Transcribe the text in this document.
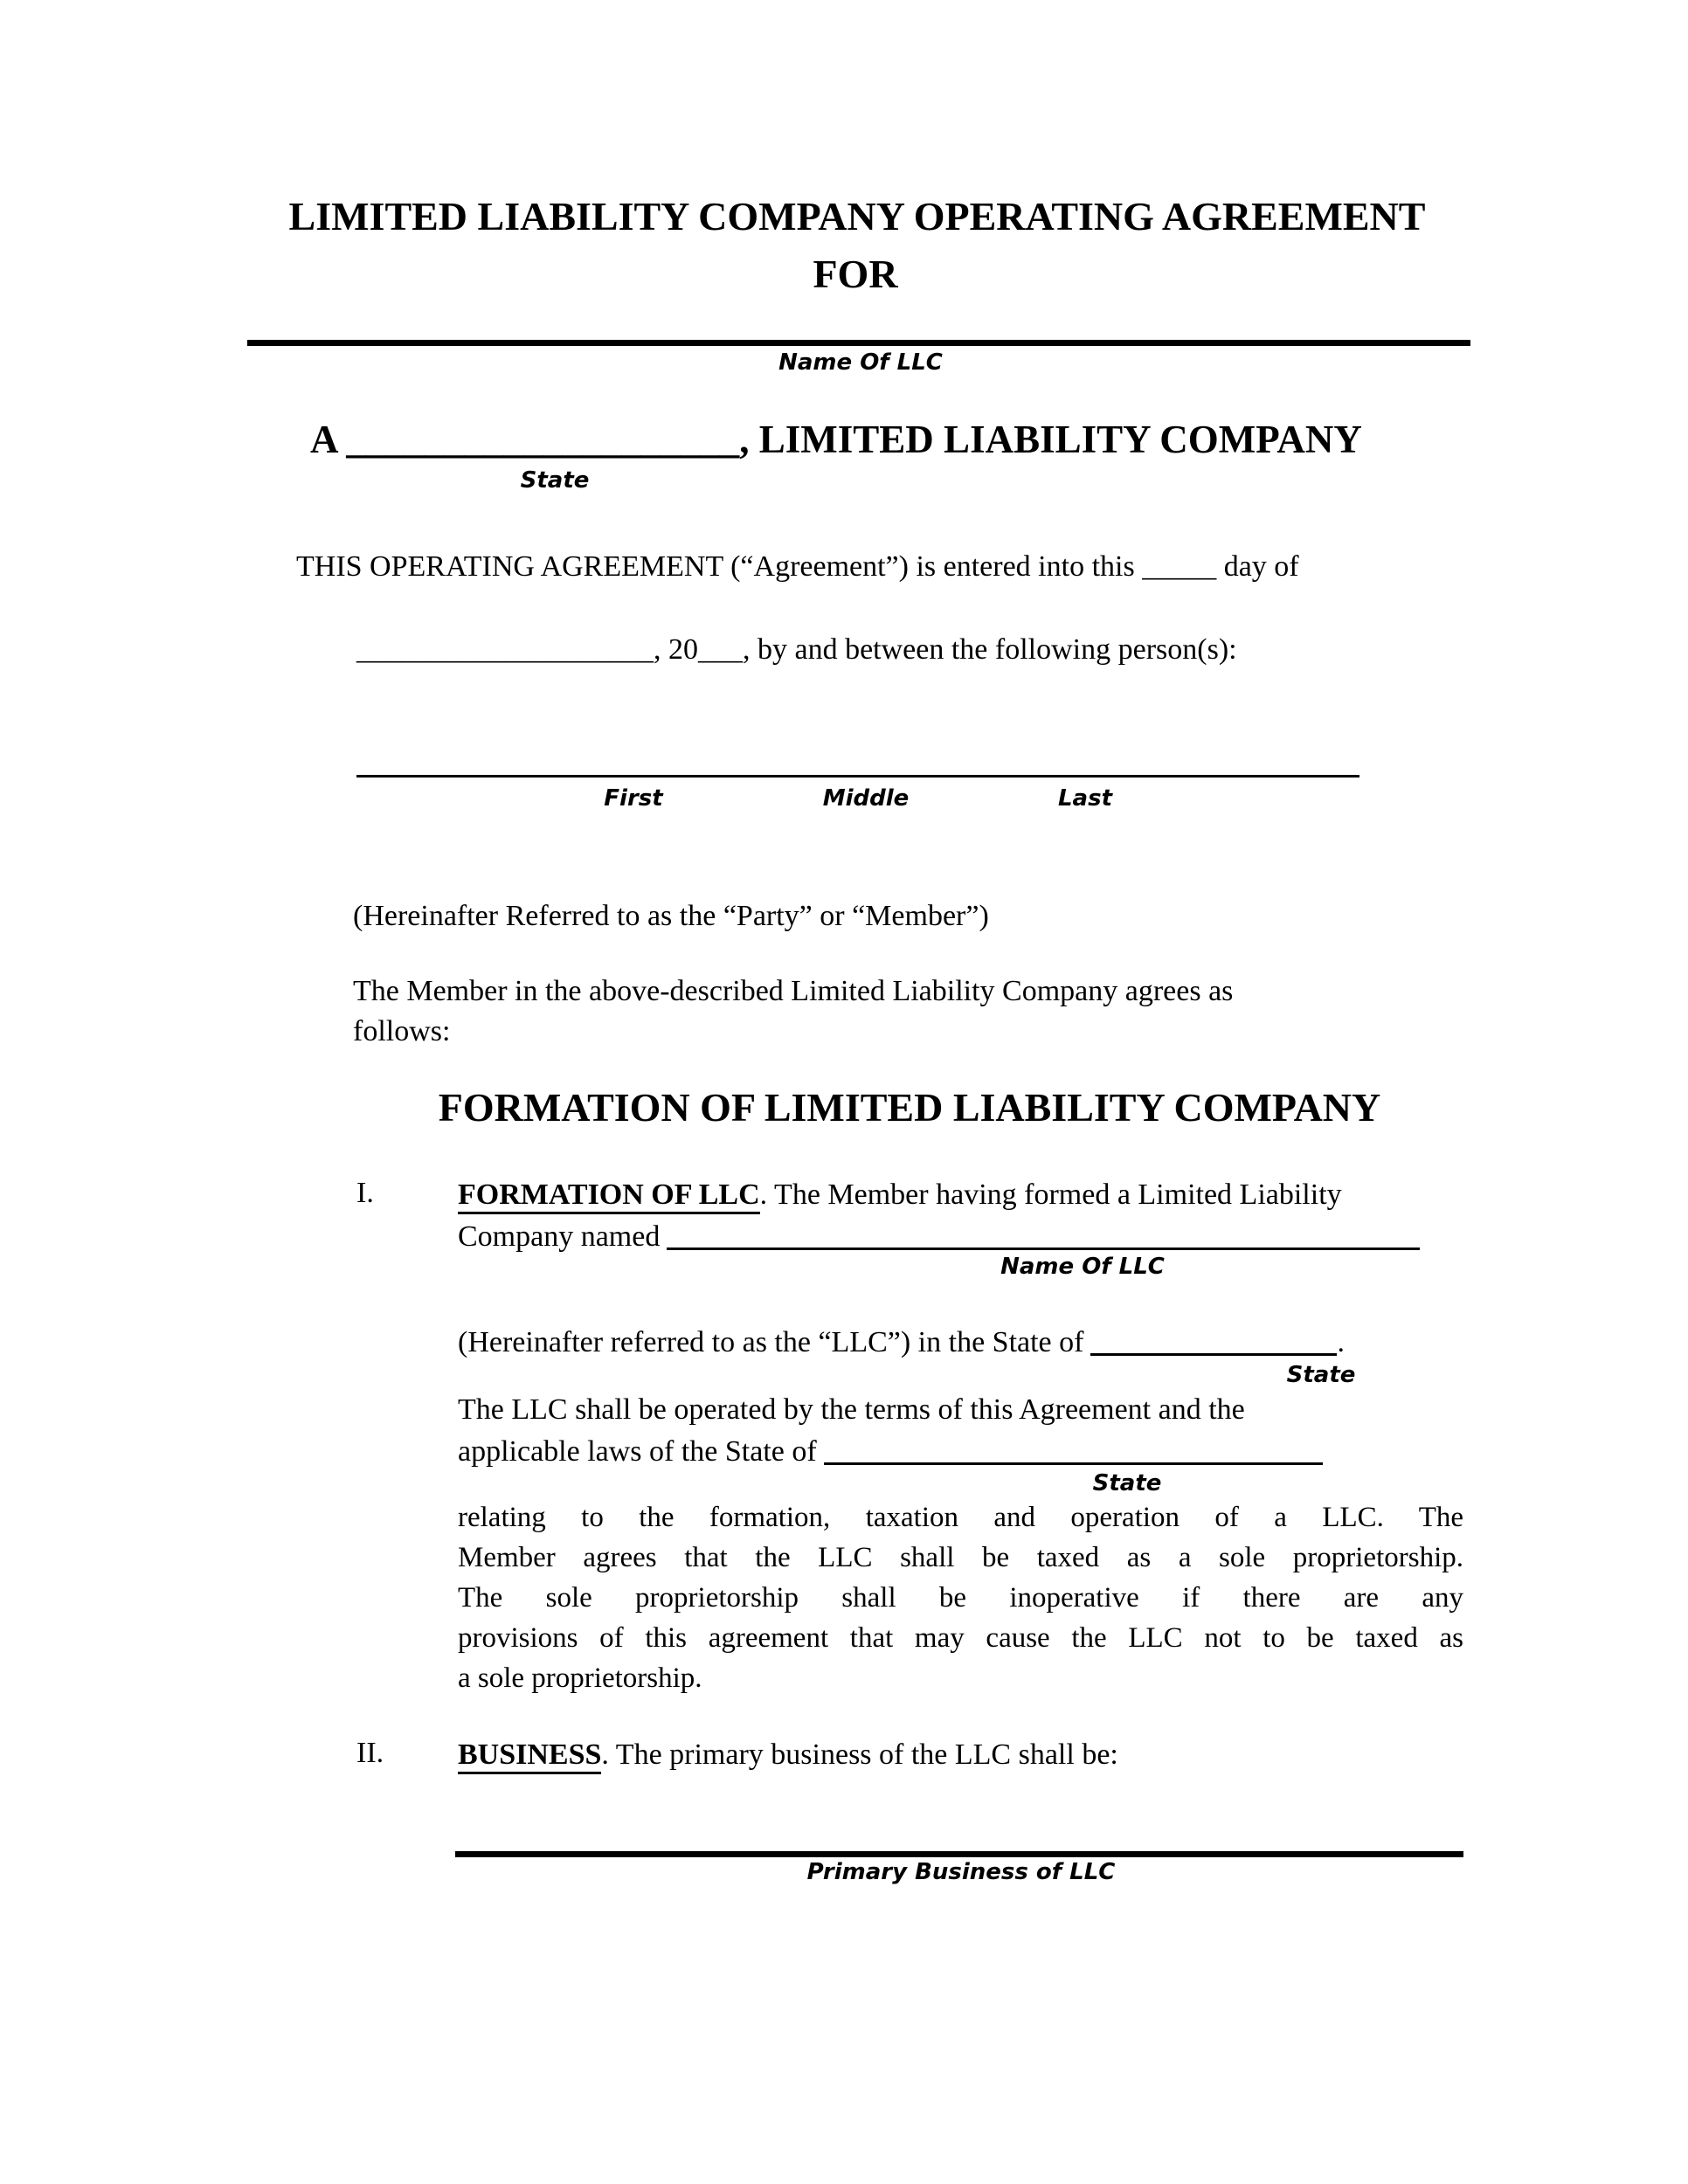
LIMITED LIABILITY COMPANY OPERATING AGREEMENT
FOR
Name Of LLC
A ____________________, LIMITED LIABILITY COMPANY
State
THIS OPERATING AGREEMENT (“Agreement”) is entered into this _____ day of
____________________, 20___, by and between the following person(s):
First	Middle	Last
(Hereinafter Referred to as the “Party” or “Member”)
The Member in the above-described Limited Liability Company agrees as
follows:
FORMATION OF LIMITED LIABILITY COMPANY
I.	FORMATION OF LLC. The Member having formed a Limited Liability
Company named
Name Of LLC
(Hereinafter referred to as the “LLC”) in the State of	.
State
The LLC shall be operated by the terms of this Agreement and the
applicable laws of the State of
State
relating to the formation, taxation and operation of a LLC. The
Member agrees that the LLC shall be taxed as a sole proprietorship.
The sole proprietorship shall be inoperative if there are any
provisions of this agreement that may cause the LLC not to be taxed as
a sole proprietorship.
II. BUSINESS. The primary business of the LLC shall be:
Primary Business of LLC
